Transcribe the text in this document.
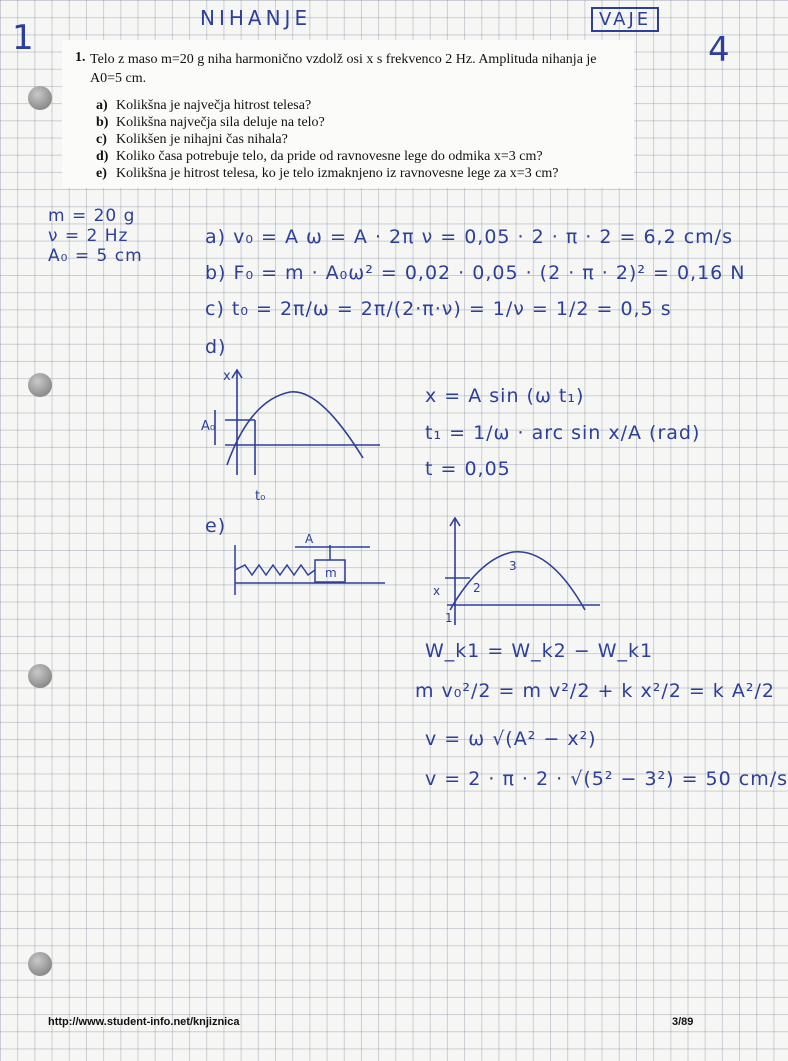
1	NIHANJE	VAJE
4
1. Telo z maso m=20 g niha harmonično vzdolž osi x s frekvenco 2 Hz. Amplituda nihanja je
A0=5 cm.
a) Kolikšna je največja hitrost telesa?
b) Kolikšna največja sila deluje na telo?
c) Kolikšen je nihajni čas nihala?
d) Koliko časa potrebuje telo, da pride od ravnovesne lege do odmika x=3 cm?
e) Kolikšna je hitrost telesa, ko je telo izmaknjeno iz ravnovesne lege za x=3 cm?
m = 20 g
ν = 2 Hz
A₀ = 5 cm
a) v₀ = A ω = A · 2π ν = 0,05 · 2 · π · 2 = 6,2 cm/s
b) F₀ = m · A₀ω² = 0,02 · 0,05 · (2 · π · 2)² = 0,16 N
c) t₀ = 2π/ω = 2π/(2·π·ν) = 1/ν = 1/2 = 0,5 s
d)
x = A sin (ω t₁)
t₁ = 1/ω · arc sin x/A (rad)
t = 0,05
A₀
x
t₀
e)
m
A
x
1
2
3
W_k1 = W_k2 − W_k1
m v₀²/2 = m v²/2 + k x²/2 = k A²/2
v = ω √(A² − x²)
v = 2 · π · 2 · √(5² − 3²) = 50 cm/s
http://www.student-info.net/knjiznica	3/89
